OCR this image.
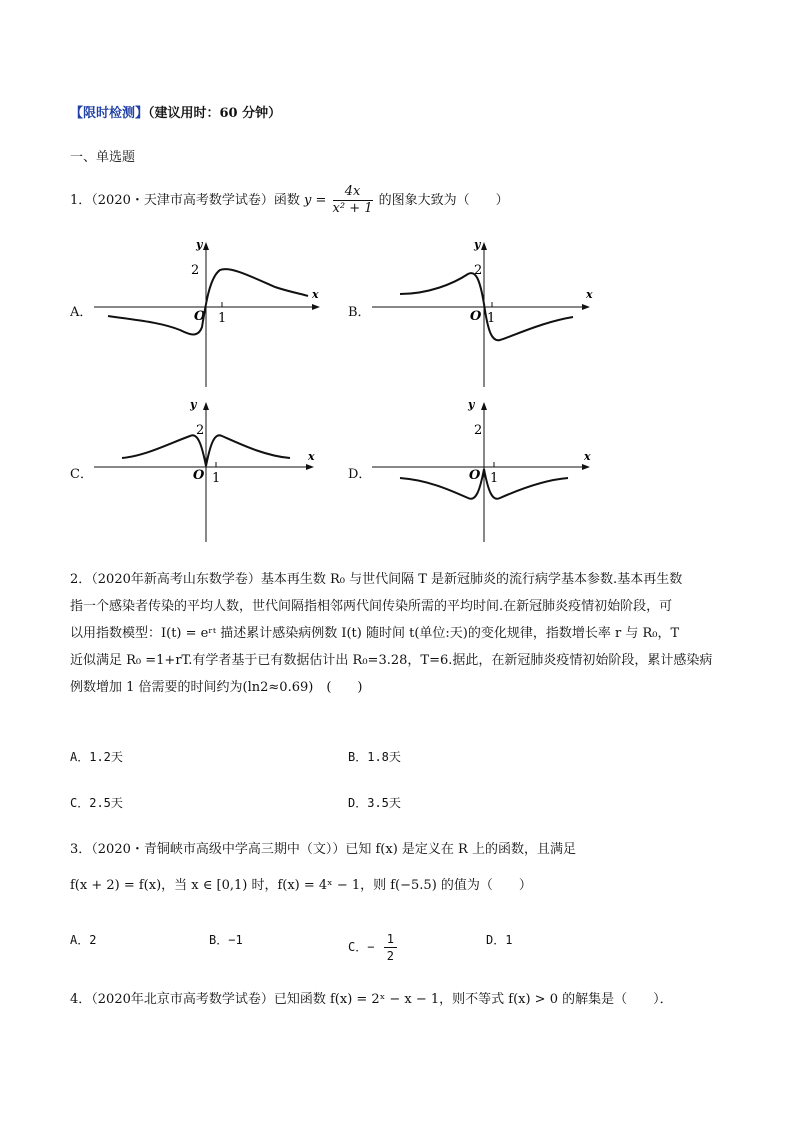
【限时检测】（建议用时：60 分钟）
一、单选题
1．（2020・天津市高考数学试卷）函数 $y = \frac{4x}{\text{x² + 1}}$ 的图象大致为（　　）
A．
y
x
O
2
1	B．
y
x
O
2
1
C．
y
x
O
2
1	D．
y
x
O
2
1
2．（2020年新高考山东数学卷）基本再生数 R₀ 与世代间隔 T 是新冠肺炎的流行病学基本参数.基本再生数
指一个感染者传染的平均人数，世代间隔指相邻两代间传染所需的平均时间.在新冠肺炎疫情初始阶段，可
以用指数模型：I(t) = eʳᵗ 描述累计感染病例数 I(t) 随时间 t(单位:天)的变化规律，指数增长率 r 与 R₀，T
近似满足 R₀ =1+rT.有学者基于已有数据估计出 R₀=3.28，T=6.据此，在新冠肺炎疫情初始阶段，累计感染病
例数增加 1 倍需要的时间约为(ln2≈0.69)　(　　)
A．1.2天	B．1.8天
C．2.5天	D．3.5天
3．（2020・青铜峡市高级中学高三期中（文））已知 f(x) 是定义在 R 上的函数，且满足
f(x + 2) = f(x)，当 x ∈ [0,1) 时，f(x) = 4ˣ − 1，则 f(−5.5) 的值为（　　）
A．2	B．−1	C．− $\frac{1}{2}$	D．1
4．（2020年北京市高考数学试卷）已知函数 f(x) = 2ˣ − x − 1，则不等式 f(x) > 0 的解集是（　　）．
